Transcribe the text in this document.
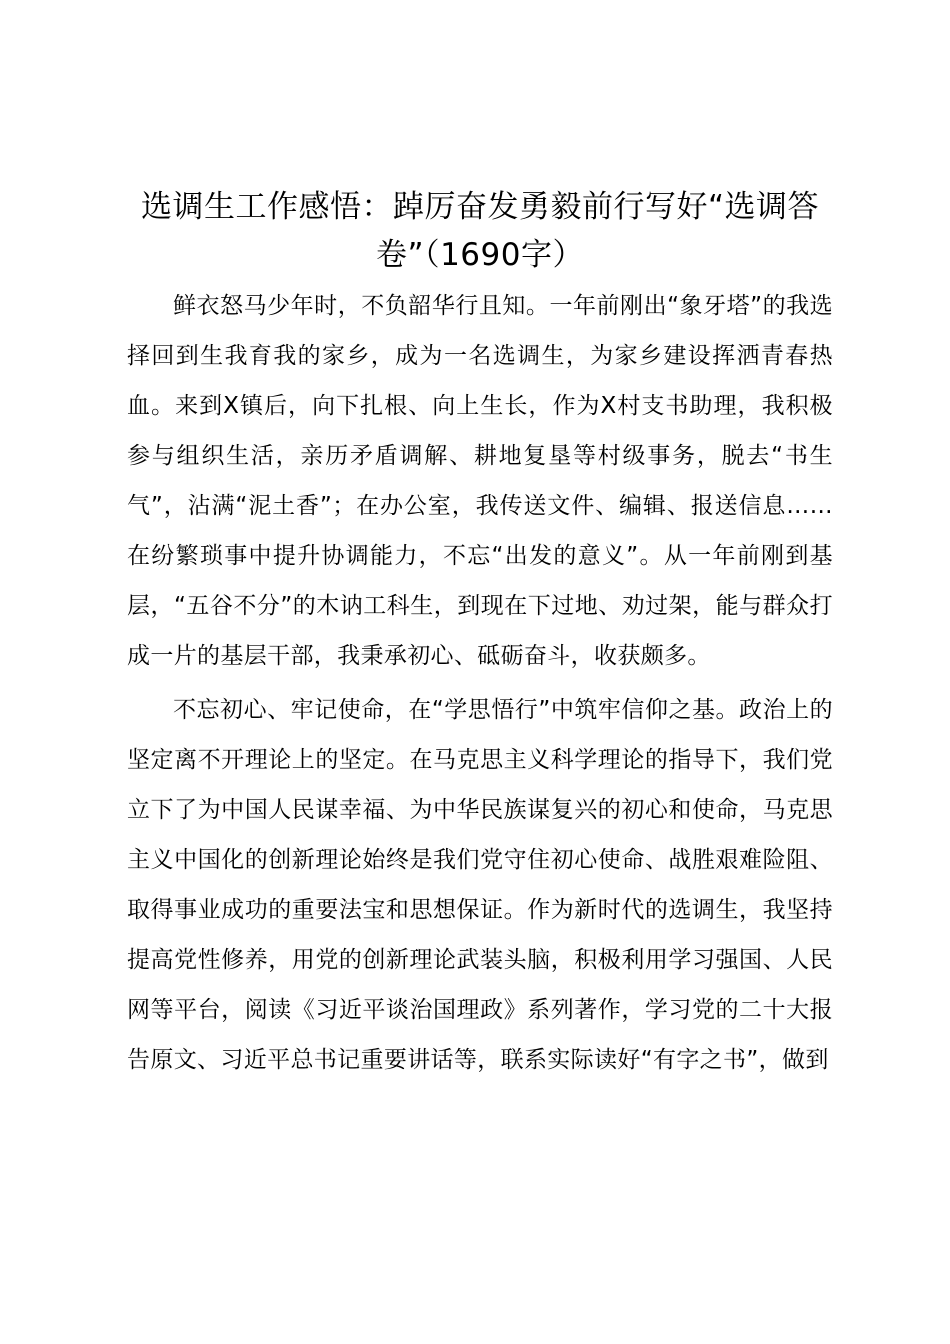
选调生工作感悟：踔厉奋发勇毅前行写好“选调答卷”（1690字）

鲜衣怒马少年时，不负韶华行且知。一年前刚出“象牙塔”的我选择回到生我育我的家乡，成为一名选调生，为家乡建设挥洒青春热血。来到X镇后，向下扎根、向上生长，作为X村支书助理，我积极参与组织生活，亲历矛盾调解、耕地复垦等村级事务，脱去“书生气”，沾满“泥土香”；在办公室，我传送文件、编辑、报送信息……在纷繁琐事中提升协调能力，不忘“出发的意义”。从一年前刚到基层，“五谷不分”的木讷工科生，到现在下过地、劝过架，能与群众打成一片的基层干部，我秉承初心、砥砺奋斗，收获颇多。

不忘初心、牢记使命，在“学思悟行”中筑牢信仰之基。政治上的坚定离不开理论上的坚定。在马克思主义科学理论的指导下，我们党立下了为中国人民谋幸福、为中华民族谋复兴的初心和使命，马克思主义中国化的创新理论始终是我们党守住初心使命、战胜艰难险阻、取得事业成功的重要法宝和思想保证。作为新时代的选调生，我坚持提高党性修养，用党的创新理论武装头脑，积极利用学习强国、人民网等平台，阅读《习近平谈治国理政》系列著作，学习党的二十大报告原文、习近平总书记重要讲话等，联系实际读好“有字之书”，做到
